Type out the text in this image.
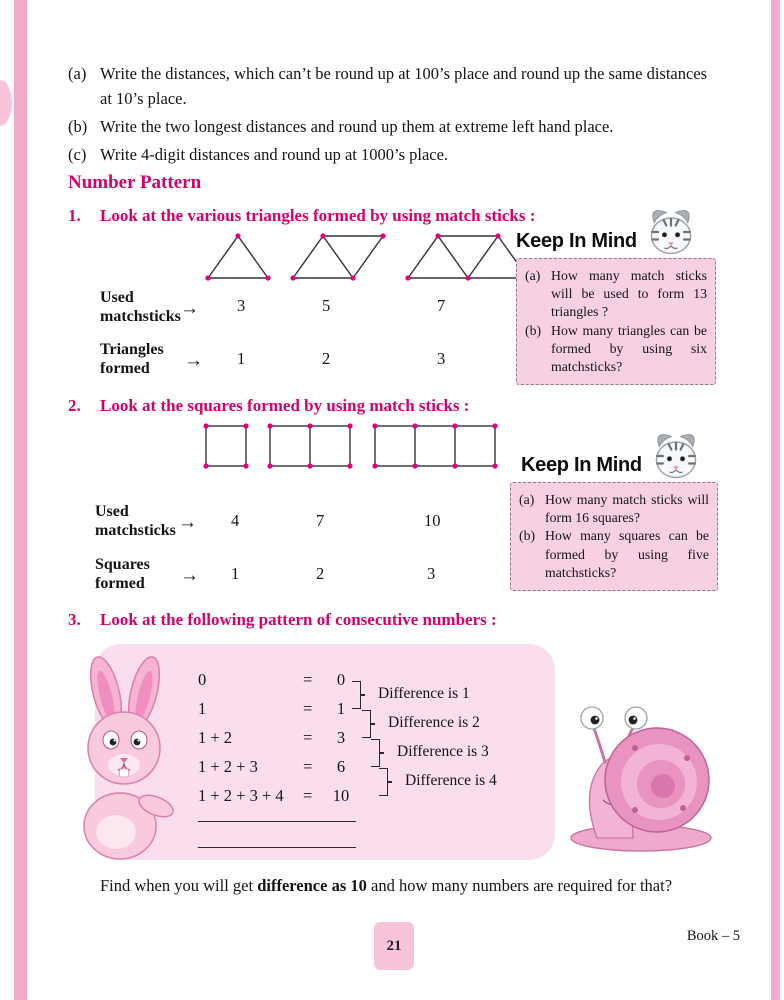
(a) Write the distances, which can’t be round up at 100’s place and round up the same distances at 10’s place.
(b) Write the two longest distances and round up them at extreme left hand place.
(c) Write 4-digit distances and round up at 1000’s place.
Number Pattern
1. Look at the various triangles formed by using match sticks :
Keep In Mind
Used matchsticks → 3	5	7
Triangles formed	→ 1	2	3
(a) How many match sticks will be used to form 13 triangles ?
(b) How many triangles can be formed by using six matchsticks?
2. Look at the squares formed by using match sticks :
Keep In Mind
Used matchsticks → 4	7	10
Squares formed	→ 1	2	3
(a) How many match sticks will form 16 squares?
(b) How many squares can be formed by using five matchsticks?
3. Look at the following pattern of consecutive numbers :
0	=	0
1	=	1
1 + 2	=	3
1 + 2 + 3	=	6
1 + 2 + 3 + 4 = 10
Difference is 1
Difference is 2
Difference is 3
Difference is 4
Find when you will get difference as 10 and how many numbers are required for that?
Book – 5
21
